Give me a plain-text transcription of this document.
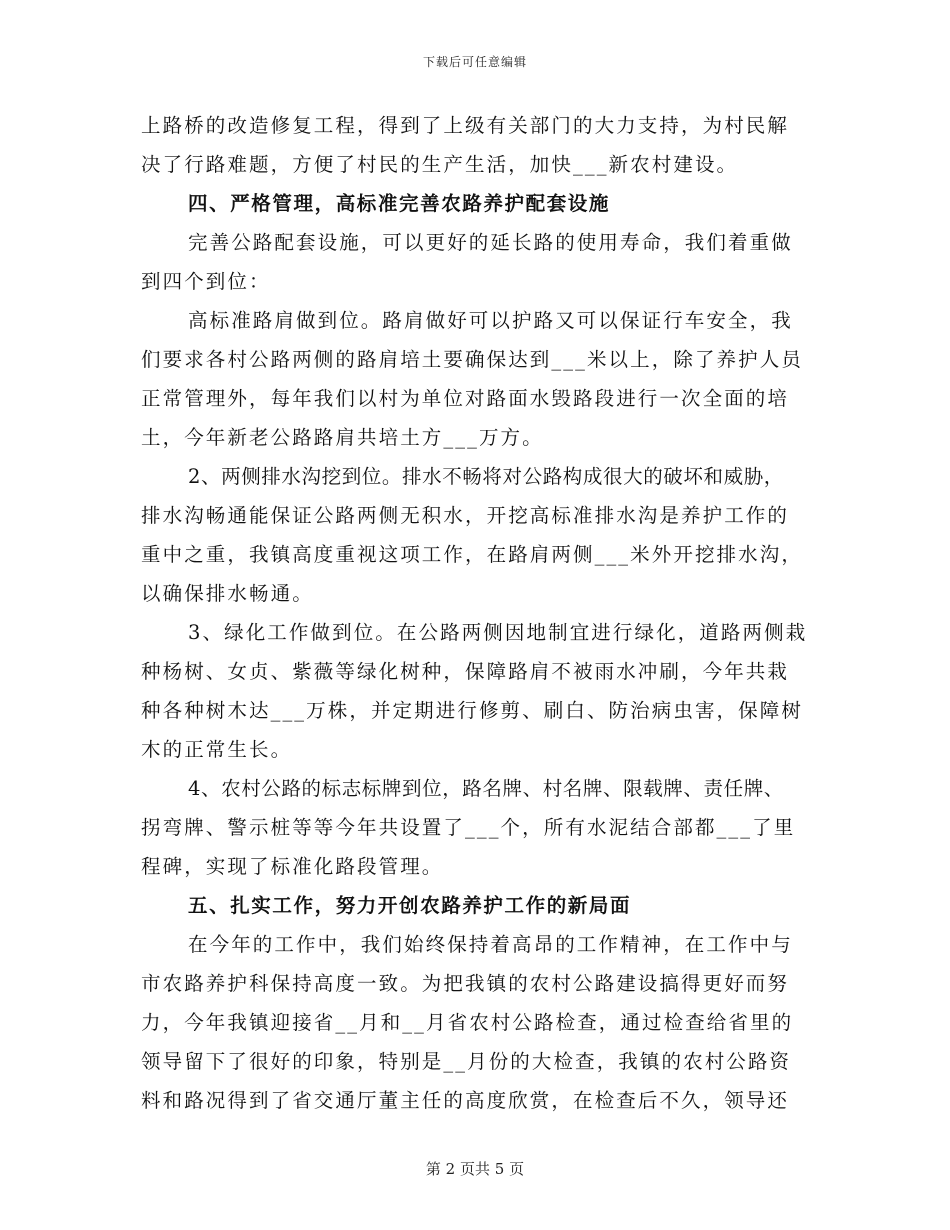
下载后可任意编辑
上路桥的改造修复工程，得到了上级有关部门的大力支持，为村民解
决了行路难题，方便了村民的生产生活，加快___新农村建设。
四、严格管理，高标准完善农路养护配套设施
完善公路配套设施，可以更好的延长路的使用寿命，我们着重做
到四个到位：
高标准路肩做到位。路肩做好可以护路又可以保证行车安全，我
们要求各村公路两侧的路肩培土要确保达到___米以上，除了养护人员
正常管理外，每年我们以村为单位对路面水毁路段进行一次全面的培
土，今年新老公路路肩共培土方___万方。
2、两侧排水沟挖到位。排水不畅将对公路构成很大的破坏和威胁，
排水沟畅通能保证公路两侧无积水，开挖高标准排水沟是养护工作的
重中之重，我镇高度重视这项工作，在路肩两侧___米外开挖排水沟，
以确保排水畅通。
3、绿化工作做到位。在公路两侧因地制宜进行绿化，道路两侧栽
种杨树、女贞、紫薇等绿化树种，保障路肩不被雨水冲刷，今年共栽
种各种树木达___万株，并定期进行修剪、刷白、防治病虫害，保障树
木的正常生长。
4、农村公路的标志标牌到位，路名牌、村名牌、限载牌、责任牌、
拐弯牌、警示桩等等今年共设置了___个，所有水泥结合部都___了里
程碑，实现了标准化路段管理。
五、扎实工作，努力开创农路养护工作的新局面
在今年的工作中，我们始终保持着高昂的工作精神，在工作中与
市农路养护科保持高度一致。为把我镇的农村公路建设搞得更好而努
力，今年我镇迎接省__月和__月省农村公路检查，通过检查给省里的
领导留下了很好的印象，特别是__月份的大检查，我镇的农村公路资
料和路况得到了省交通厅董主任的高度欣赏，在检查后不久，领导还
第 2 页共 5 页
